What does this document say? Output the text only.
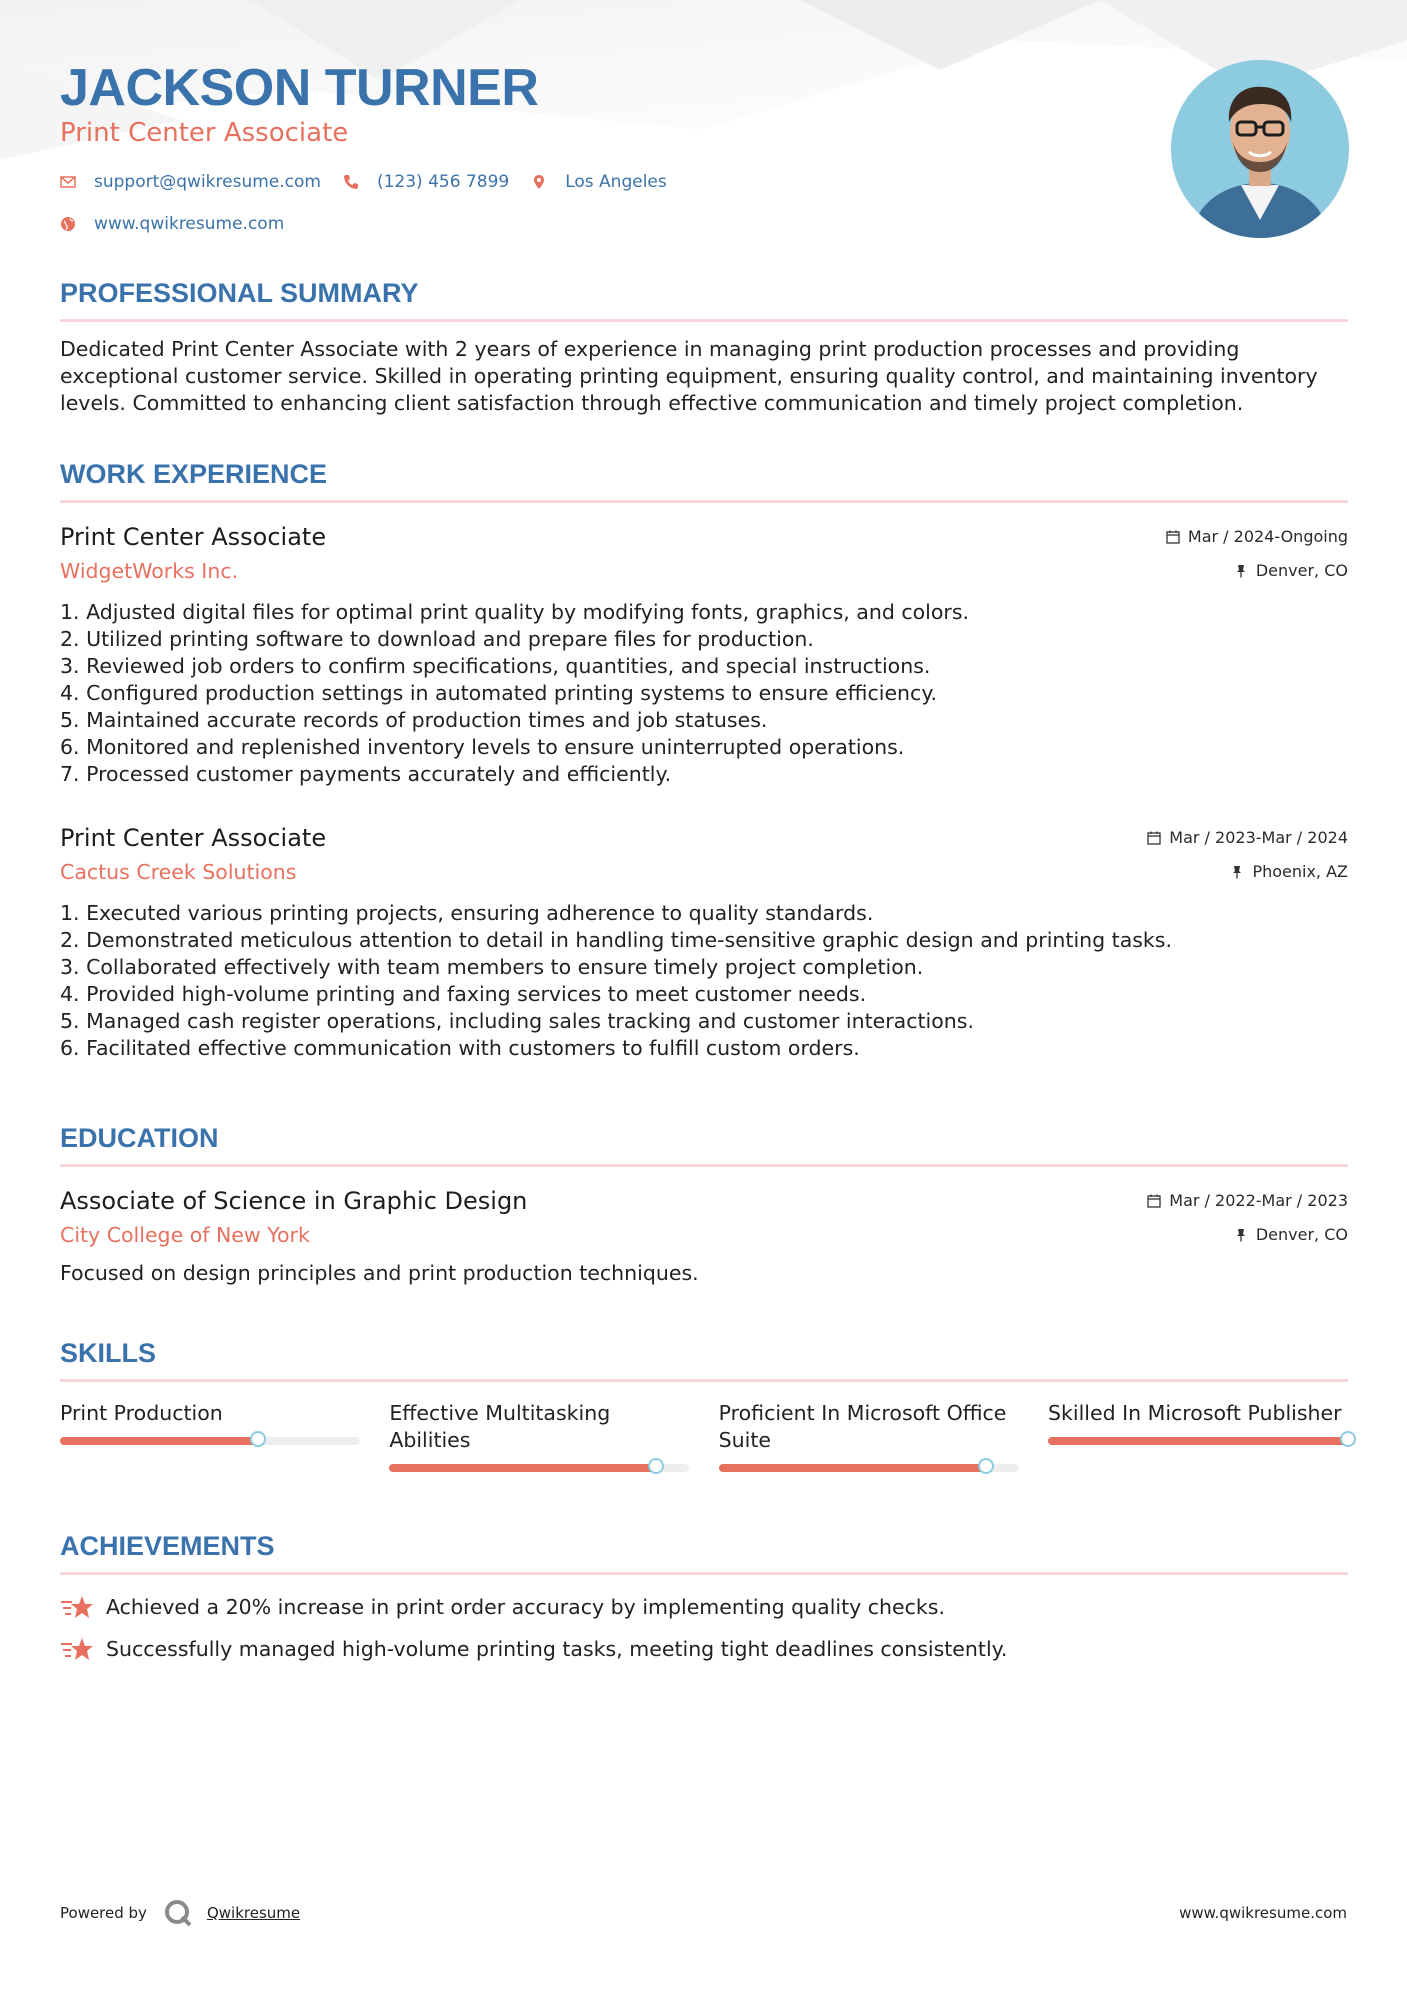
JACKSON TURNER
Print Center Associate
support@qwikresume.com	(123) 456 7899	Los Angeles
www.qwikresume.com
PROFESSIONAL SUMMARY

Dedicated Print Center Associate with 2 years of experience in managing print production processes and providing
exceptional customer service. Skilled in operating printing equipment, ensuring quality control, and maintaining inventory
levels. Committed to enhancing client satisfaction through effective communication and timely project completion.

WORK EXPERIENCE
Print Center Associate
WidgetWorks Inc.
Mar / 2024-Ongoing
Denver, CO
1. Adjusted digital files for optimal print quality by modifying fonts, graphics, and colors.
2. Utilized printing software to download and prepare files for production.
3. Reviewed job orders to confirm specifications, quantities, and special instructions.
4. Configured production settings in automated printing systems to ensure efficiency.
5. Maintained accurate records of production times and job statuses.
6. Monitored and replenished inventory levels to ensure uninterrupted operations.
7. Processed customer payments accurately and efficiently.
Print Center Associate
Cactus Creek Solutions
Mar / 2023-Mar / 2024
Phoenix, AZ
1. Executed various printing projects, ensuring adherence to quality standards.
2. Demonstrated meticulous attention to detail in handling time-sensitive graphic design and printing tasks.
3. Collaborated effectively with team members to ensure timely project completion.
4. Provided high-volume printing and faxing services to meet customer needs.
5. Managed cash register operations, including sales tracking and customer interactions.
6. Facilitated effective communication with customers to fulfill custom orders.
EDUCATION
Associate of Science in Graphic Design
City College of New York
Mar / 2022-Mar / 2023
Denver, CO
Focused on design principles and print production techniques.
SKILLS
Print Production	Effective Multitasking
Abilities
Proficient In Microsoft Office
Suite
Skilled In Microsoft Publisher
ACHIEVEMENTS
Achieved a 20% increase in print order accuracy by implementing quality checks.
Successfully managed high-volume printing tasks, meeting tight deadlines consistently.
Powered by	Qwikresume	www.qwikresume.com
